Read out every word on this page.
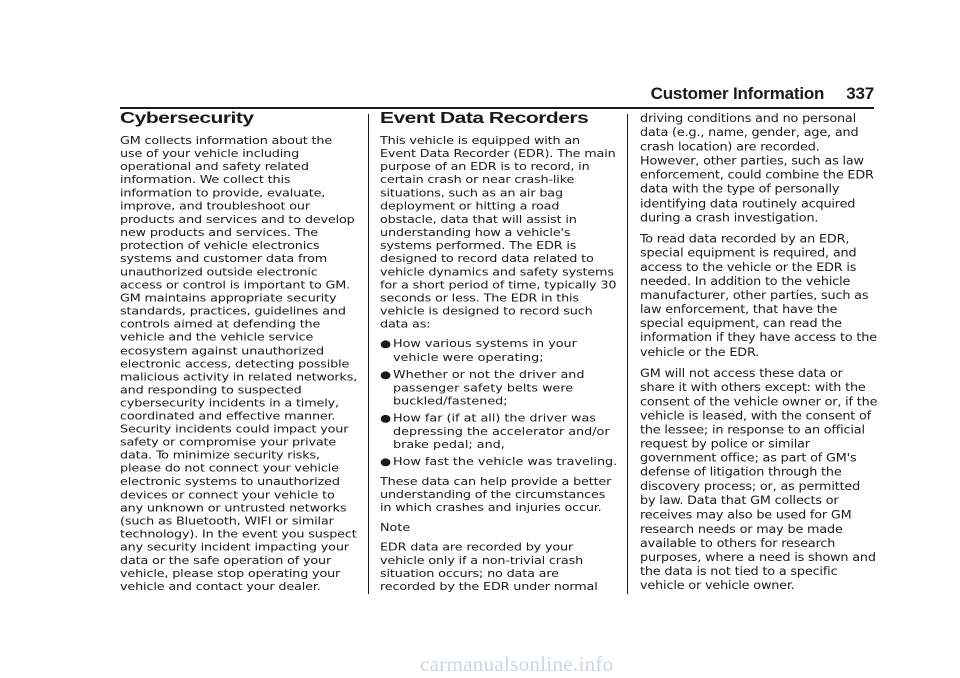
Customer Information 337
Cybersecurity

GM collects information about the use of your vehicle including operational and safety related information. We collect this information to provide, evaluate, improve, and troubleshoot our products and services and to develop new products and services. The protection of vehicle electronics systems and customer data from unauthorized outside electronic access or control is important to GM. GM maintains appropriate security standards, practices, guidelines and controls aimed at defending the vehicle and the vehicle service ecosystem against unauthorized electronic access, detecting possible malicious activity in related networks, and responding to suspected cybersecurity incidents in a timely, coordinated and effective manner. Security incidents could impact your safety or compromise your private data. To minimize security risks, please do not connect your vehicle electronic systems to unauthorized devices or connect your vehicle to any unknown or untrusted networks (such as Bluetooth, WIFI or similar technology). In the event you suspect any security incident impacting your data or the safe operation of your vehicle, please stop operating your vehicle and contact your dealer.

Event Data Recorders

This vehicle is equipped with an Event Data Recorder (EDR). The main purpose of an EDR is to record, in certain crash or near crash-like situations, such as an air bag deployment or hitting a road obstacle, data that will assist in understanding how a vehicle's systems performed. The EDR is designed to record data related to vehicle dynamics and safety systems for a short period of time, typically 30 seconds or less. The EDR in this vehicle is designed to record such data as:

● How various systems in your vehicle were operating;
● Whether or not the driver and passenger safety belts were buckled/fastened;
● How far (if at all) the driver was depressing the accelerator and/or brake pedal; and,
● How fast the vehicle was traveling.

These data can help provide a better understanding of the circumstances in which crashes and injuries occur.

Note

EDR data are recorded by your vehicle only if a non-trivial crash situation occurs; no data are recorded by the EDR under normal

driving conditions and no personal data (e.g., name, gender, age, and crash location) are recorded. However, other parties, such as law enforcement, could combine the EDR data with the type of personally identifying data routinely acquired during a crash investigation.

To read data recorded by an EDR, special equipment is required, and access to the vehicle or the EDR is needed. In addition to the vehicle manufacturer, other parties, such as law enforcement, that have the special equipment, can read the information if they have access to the vehicle or the EDR.

GM will not access these data or share it with others except: with the consent of the vehicle owner or, if the vehicle is leased, with the consent of the lessee; in response to an official request by police or similar government office; as part of GM's defense of litigation through the discovery process; or, as permitted by law. Data that GM collects or receives may also be used for GM research needs or may be made available to others for research purposes, where a need is shown and the data is not tied to a specific vehicle or vehicle owner.

carmanualsonline.info
